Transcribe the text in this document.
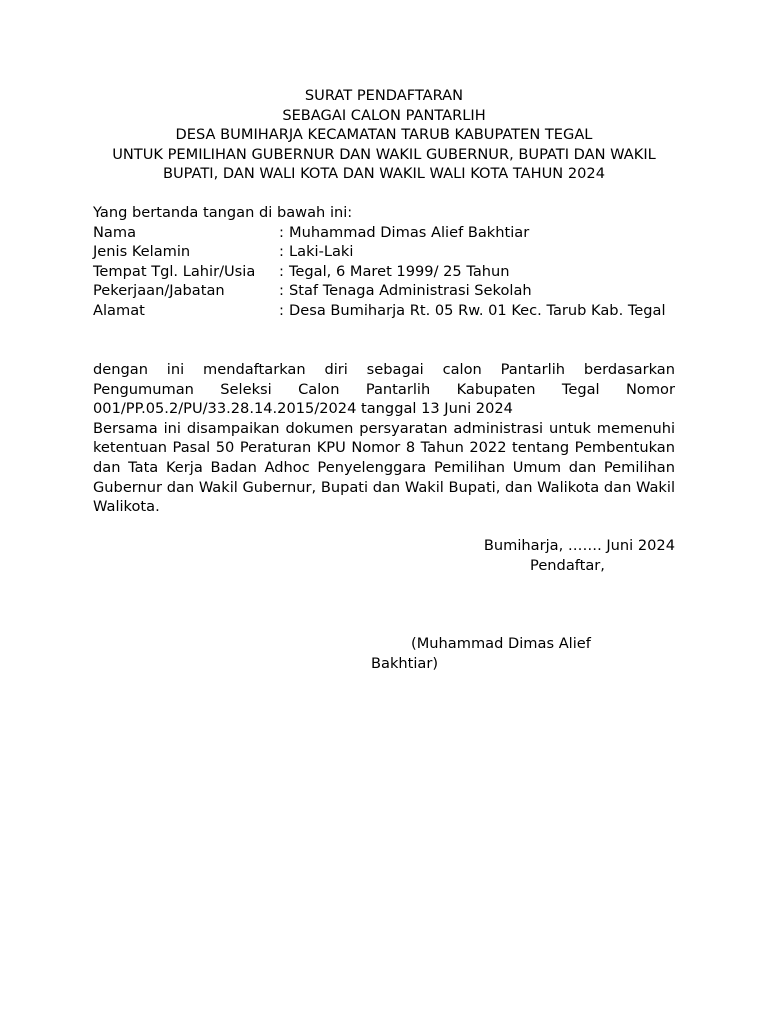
SURAT PENDAFTARAN
SEBAGAI CALON PANTARLIH
DESA BUMIHARJA KECAMATAN TARUB KABUPATEN TEGAL
UNTUK PEMILIHAN GUBERNUR DAN WAKIL GUBERNUR, BUPATI DAN WAKIL
BUPATI, DAN WALI KOTA DAN WAKIL WALI KOTA TAHUN 2024
Yang bertanda tangan di bawah ini:
Nama	: Muhammad Dimas Alief Bakhtiar
Jenis Kelamin	: Laki-Laki
Tempat Tgl. Lahir/Usia	: Tegal, 6 Maret 1999/ 25 Tahun
Pekerjaan/Jabatan	: Staf Tenaga Administrasi Sekolah
Alamat	: Desa Bumiharja Rt. 05 Rw. 01 Kec. Tarub Kab. Tegal

dengan ini mendaftarkan diri sebagai calon Pantarlih berdasarkan Pengumuman Seleksi Calon Pantarlih Kabupaten Tegal Nomor 001/PP.05.2/PU/33.28.14.2015/2024 tanggal 13 Juni 2024

Bersama ini disampaikan dokumen persyaratan administrasi untuk memenuhi ketentuan Pasal 50 Peraturan KPU Nomor 8 Tahun 2022 tentang Pembentukan dan Tata Kerja Badan Adhoc Penyelenggara Pemilihan Umum dan Pemilihan Gubernur dan Wakil Gubernur, Bupati dan Wakil Bupati, dan Walikota dan Wakil Walikota.

Bumiharja, ……. Juni 2024
Pendaftar,
(Muhammad Dimas Alief
Bakhtiar)
